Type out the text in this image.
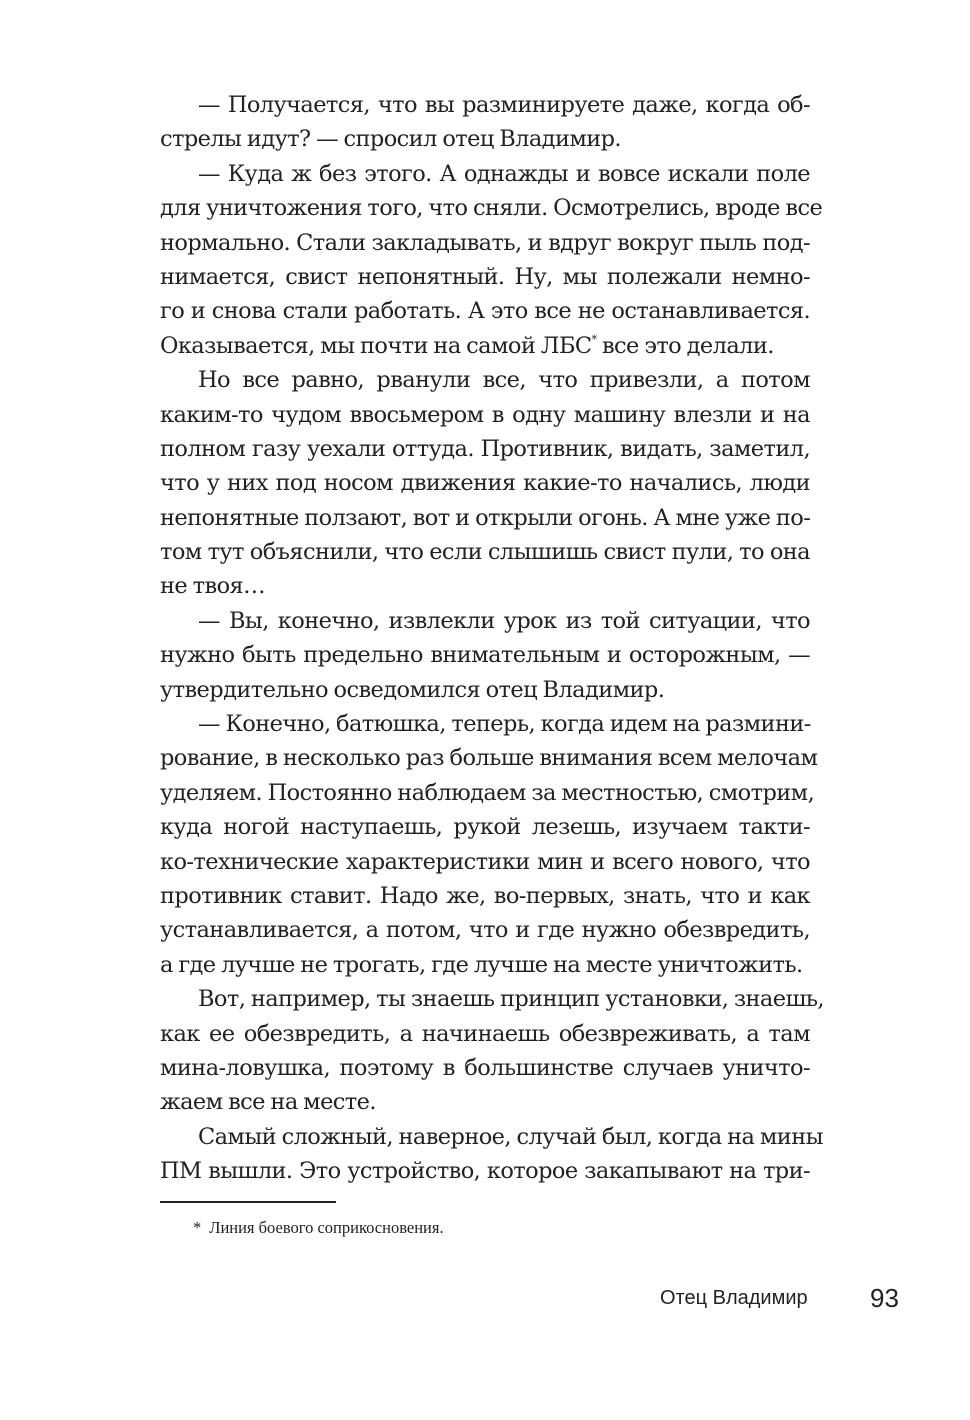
— Получается, что вы разминируете даже, когда об-
стрелы идут? — спросил отец Владимир.
— Куда ж без этого. А однажды и вовсе искали поле
для уничтожения того, что сняли. Осмотрелись, вроде все
нормально. Стали закладывать, и вдруг вокруг пыль под-
нимается, свист непонятный. Ну, мы полежали немно-
го и снова стали работать. А это все не останавливается.
Оказывается, мы почти на самой ЛБС* все это делали.
Но все равно, рванули все, что привезли, а потом
каким-то чудом ввосьмером в одну машину влезли и на
полном газу уехали оттуда. Противник, видать, заметил,
что у них под носом движения какие-то начались, люди
непонятные ползают, вот и открыли огонь. А мне уже по-
том тут объяснили, что если слышишь свист пули, то она
не твоя…
— Вы, конечно, извлекли урок из той ситуации, что
нужно быть предельно внимательным и осторожным, —
утвердительно осведомился отец Владимир.
— Конечно, батюшка, теперь, когда идем на размини-
рование, в несколько раз больше внимания всем мелочам
уделяем. Постоянно наблюдаем за местностью, смотрим,
куда ногой наступаешь, рукой лезешь, изучаем такти-
ко-технические характеристики мин и всего нового, что
противник ставит. Надо же, во-первых, знать, что и как
устанавливается, а потом, что и где нужно обезвредить,
а где лучше не трогать, где лучше на месте уничтожить.
Вот, например, ты знаешь принцип установки, знаешь,
как ее обезвредить, а начинаешь обезвреживать, а там
мина-ловушка, поэтому в большинстве случаев уничто-
жаем все на месте.
Самый сложный, наверное, случай был, когда на мины
ПМ вышли. Это устройство, которое закапывают на три-
* Линия боевого соприкосновения.
Отец Владимир 93
